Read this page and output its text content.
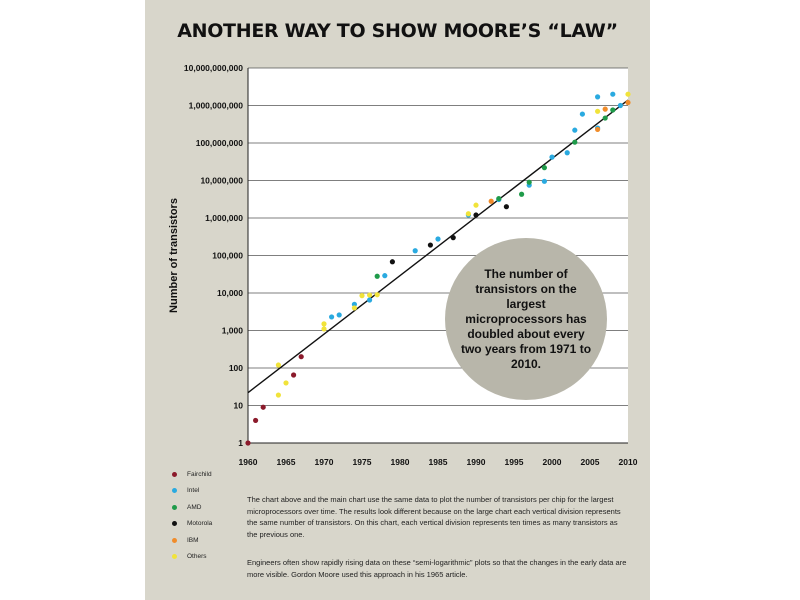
ANOTHER WAY TO SHOW MOORE’S “LAW”
1
10
100
1,000
10,000
100,000
1,000,000
10,000,000
100,000,000
1,000,000,000
10,000,000,000
1960 1965 1970 1975 1980 1985 1990 1995 2000 2005 2010
Number of transistors
Fairchild
Intel
AMD
Motorola
IBM
Others
The number of transistors on the largest microprocessors has doubled about every two years from 1971 to 2010.
The chart above and the main chart use the same data to plot the number of transistors per chip for the largest microprocessors over time. The results look different because on the large chart each vertical division represents the same number of transistors. On this chart, each vertical division represents ten times as many transistors as the previous one.
Engineers often show rapidly rising data on these “semi-logarithmic” plots so that the changes in the early data are more visible. Gordon Moore used this approach in his 1965 article.
